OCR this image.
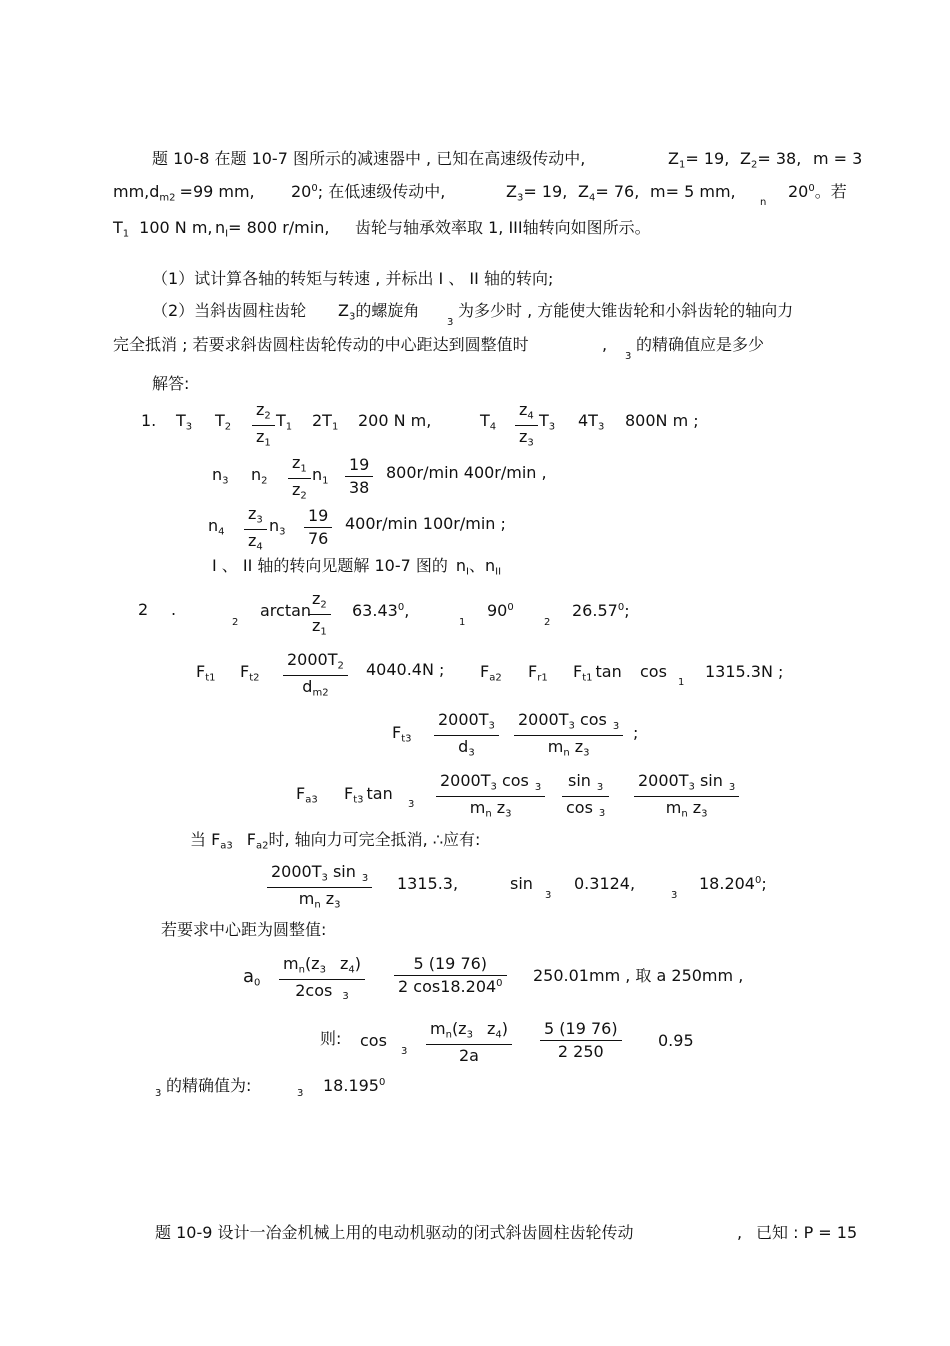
题 10-8 在题 10-7 图所示的减速器中 , 已知在高速级传动中,	$Z_1= 19$, $Z_2= 38$, m = 3
$mm,d_{m2} =99$ mm, $20^0$; 在低速级传动中,	$Z_3= 19$, $Z_4= 76$, m= 5 mm,
n
$20^0$。若
$T_1$ 100 N m, $n_I= 800$ r/min, 齿轮与轴承效率取 1, III轴转向如图所示。
（1）试计算各轴的转矩与转速 , 并标出 I 、 II 轴的转向;
（2）当斜齿圆柱齿轮 $Z_3$的螺旋角
3
为多少时 , 方能使大锥齿轮和小斜齿轮的轴向力
完全抵消 ; 若要求斜齿圆柱齿轮传动的中心距达到圆整值时	,
3
的精确值应是多少
解答:
1. $T_3$ $T_2$
$z_2$
$z_1$
$T_1$ $2T_1$ 200 N m,	$T_4$
$z_4$
$z_3$
$T_3$ $4T_3$ 800N m ;
$n_3$ $n_2$
$z_1$
$z_2$
$n_1$
19
38
800r/min 400r/min ,
$n_4$
$z_3$
$z_4$
$n_3$
19
76
400r/min 100r/min ;
I 、 II 轴的转向见题解 10-7 图的 $n_I$、$n_{II}$
2 .
2
arctan
$z_2$
$z_1$
63.43$^0$,
1
$90^0$
2
26.57$^0$;
$F_{t1}$ $F_{t2}$
$2000T_2$
$d_{m2}$
4040.4N ; $F_{a2}$ $F_{r1}$ $F_{t1}$ tan cos
1
1315.3N ;
$F_{t3}$
$2000T_3$
$d_3$
$2000T_3$ cos $_3$
$m_n$ $z_3$
;
$F_{a3}$ $F_{t3}$ tan
3
$2000T_3$ cos $_3$
$m_n$ $z_3$
sin $_3$
cos $_3$
$2000T_3$ sin $_3$
$m_n$ $z_3$
当 $F_{a3}$ $F_{a2}$时, 轴向力可完全抵消, ∴应有:
$2000T_3$ sin $_3$
$m_n$ $z_3$
1315.3,	sin
3
0.3124,
3
18.204$^0$;
若要求中心距为圆整值:
$a_0$
$m_n(z_3$ $z_4$)
2cos $_3$
5 (19 76)
2 cos18.204$^0$ 250.01mm , 取 a 250mm ,
则: cos
3
$m_n(z_3$ $z_4$)
2a
5 (19 76)
2 250
0.95
3 的精确值为:	3 18.195$^0$
题 10-9 设计一冶金机械上用的电动机驱动的闭式斜齿圆柱齿轮传动	, 已知 : P = 15
